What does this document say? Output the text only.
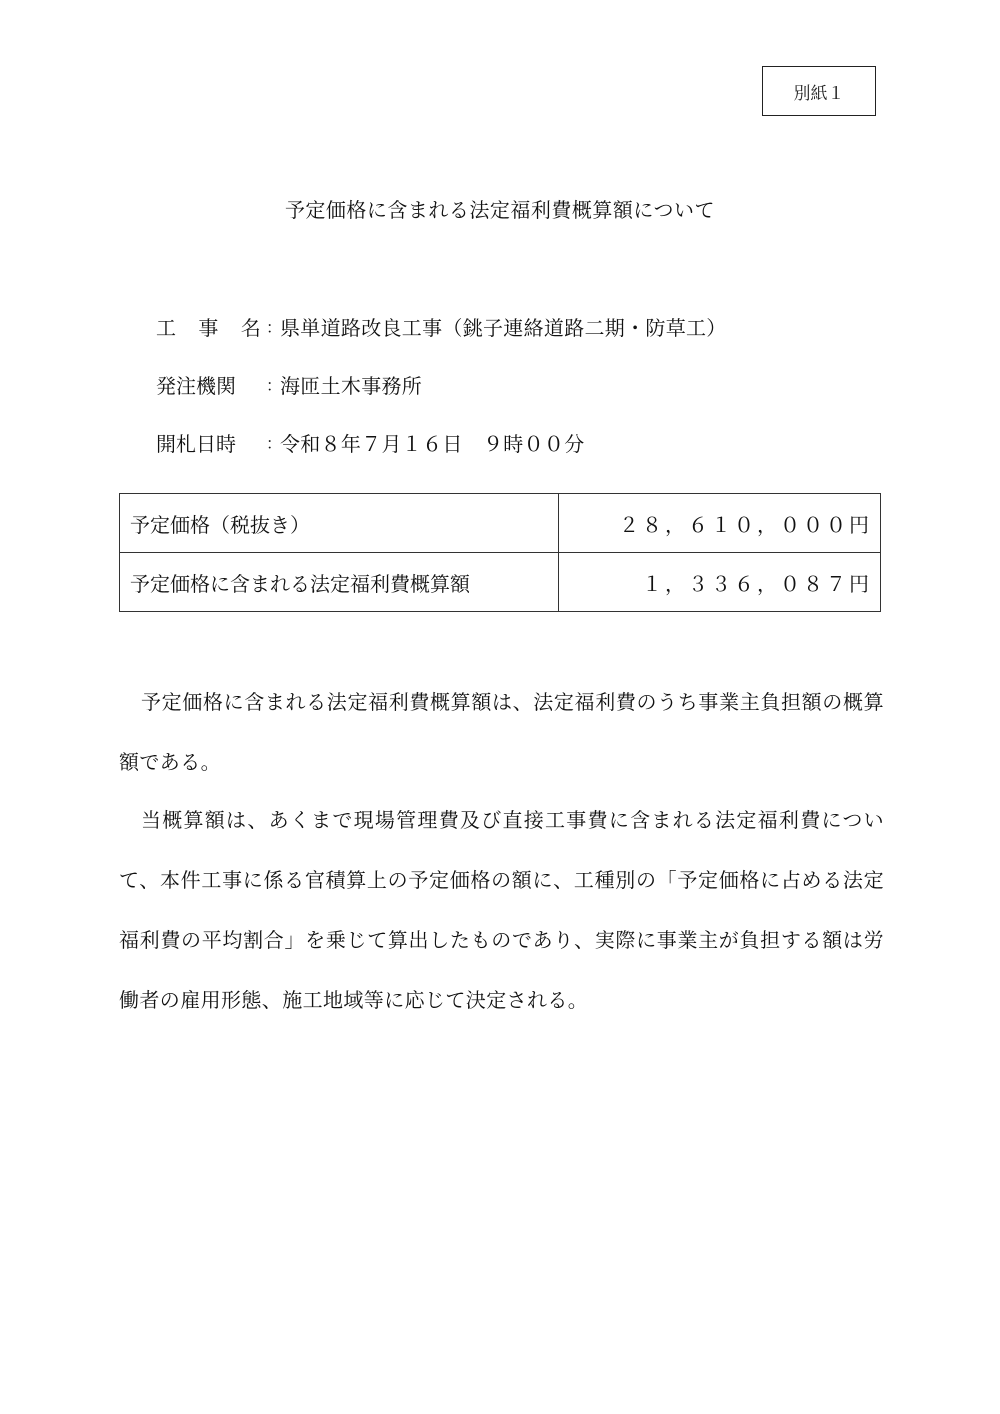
別紙１
予定価格に含まれる法定福利費概算額について
工 事 名
：
県単道路改良工事（銚子連絡道路二期・防草工）
発注機関	：
海匝土木事務所
開札日時	：
令和８年７月１６日　９時００分
予定価格（税抜き）	２８，６１０，０００円
予定価格に含まれる法定福利費概算額	１，３３６，０８７円

予定価格に含まれる法定福利費概算額は、法定福利費のうち事業主負担額の概算額である。

当概算額は、あくまで現場管理費及び直接工事費に含まれる法定福利費について、本件工事に係る官積算上の予定価格の額に、工種別の「予定価格に占める法定福利費の平均割合」を乗じて算出したものであり、実際に事業主が負担する額は労働者の雇用形態、施工地域等に応じて決定される。
